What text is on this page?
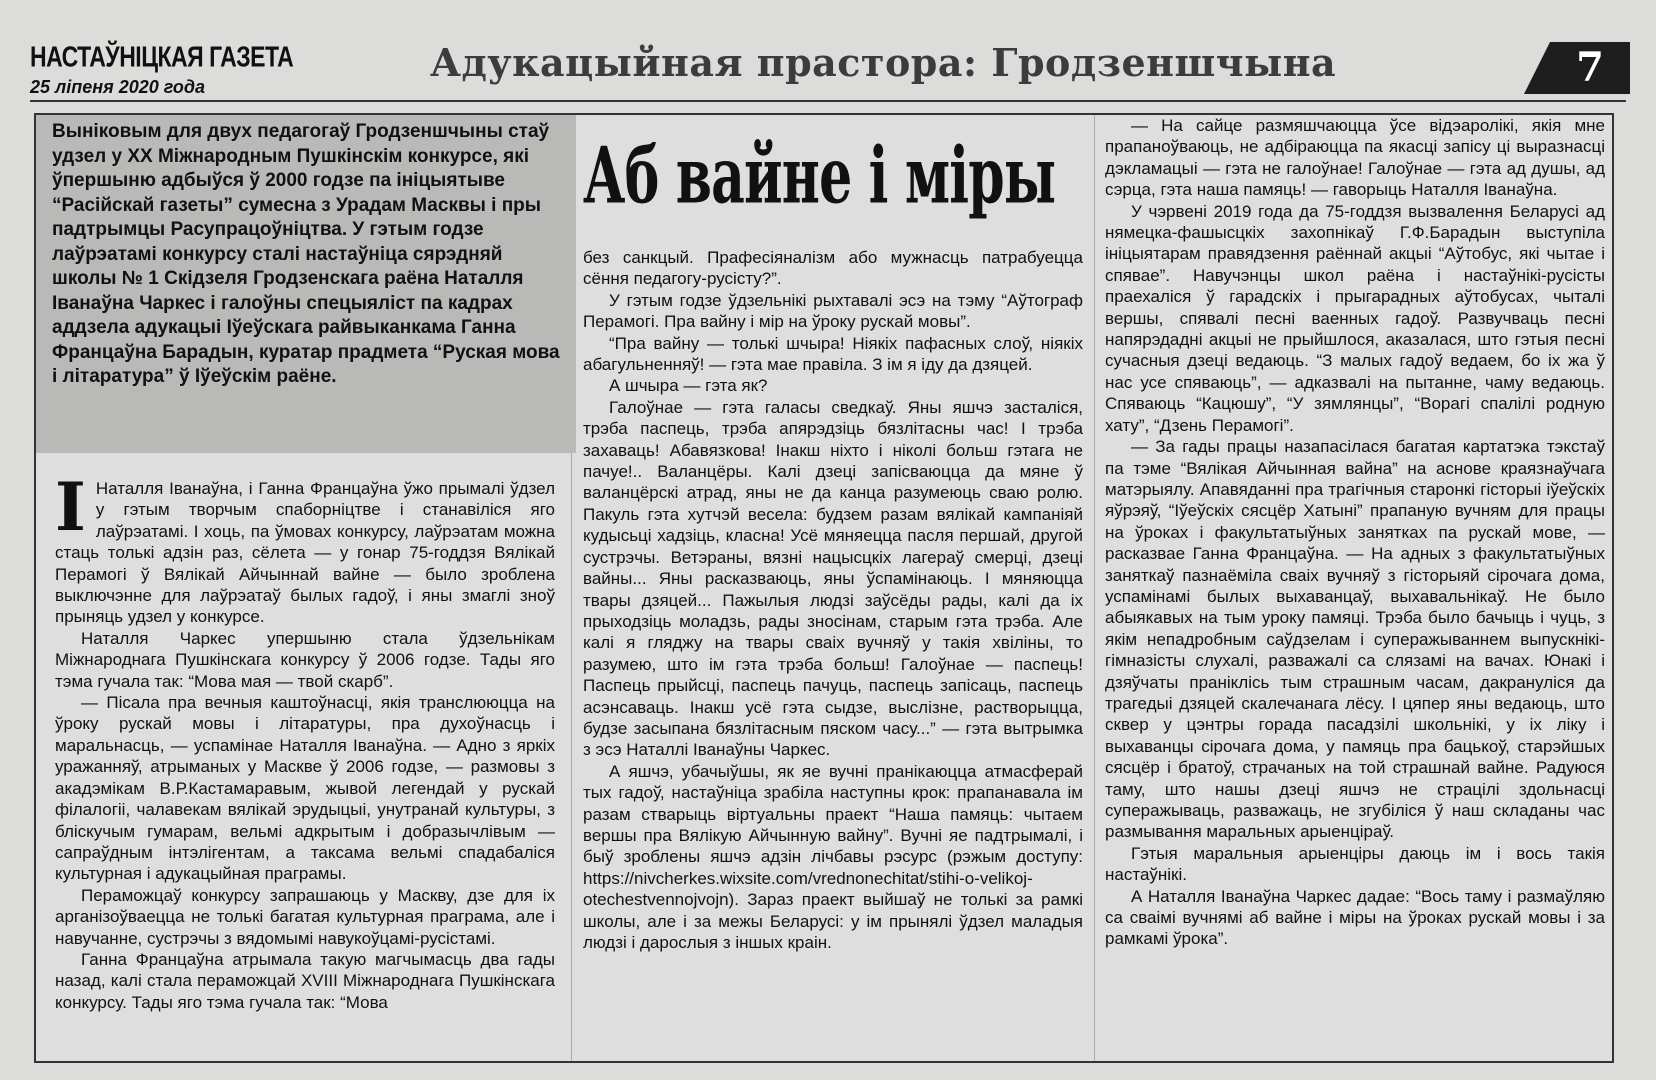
НАСТАЎНІЦКАЯ ГАЗЕТА
25 ліпеня 2020 года
Адукацыйная прастора: Гродзеншчына	7
Выніковым для двух педагогаў Гродзеншчыны стаў удзел у XX Міжнародным Пушкінскім конкурсе, які ўпершыню адбыўся ў 2000 годзе па ініцыятыве “Расійскай газеты” сумесна з Урадам Масквы і пры падтрымцы Расупрацоўніцтва. У гэтым годзе лаўрэатамі конкурсу сталі настаўніца сярэдняй школы № 1 Скідзеля Гродзенскага раёна Наталля Іванаўна Чаркес і галоўны спецыяліст па кадрах аддзела адукацыі Іўеўскага райвыканкама Ганна Францаўна Барадын, куратар прадмета “Руская мова і літаратура” ў Іўеўскім раёне.
Аб вайне і міры

І Наталля Іванаўна, і Ганна Францаўна ўжо прымалі ўдзел у гэтым творчым спаборніцтве і станавіліся яго лаўрэатамі. І хоць, па ўмовах конкурсу, лаўрэатам можна стаць толькі адзін раз, сёлета — у гонар 75-годдзя Вялікай Перамогі ў Вялікай Айчыннай вайне — было зроблена выключэнне для лаўрэатаў былых гадоў, і яны змаглі зноў прыняць удзел у конкурсе.

Наталля Чаркес упершыню стала ўдзельнікам Міжнароднага Пушкінскага конкурсу ў 2006 годзе. Тады яго тэма гучала так: “Мова мая — твой скарб”.

— Пісала пра вечныя каштоўнасці, якія транслююцца на ўроку рускай мовы і літаратуры, пра духоўнасць і маральнасць, — успамінае Наталля Іванаўна. — Адно з яркіх уражанняў, атрыманых у Маскве ў 2006 годзе, — размовы з акадэмікам В.Р.Кастамаравым, жывой легендай у рускай філалогіі, чалавекам вялікай эрудыцыі, унутранай культуры, з бліскучым гумарам, вельмі адкрытым і добразычлівым — сапраўдным інтэлігентам, а таксама вельмі спадабаліся культурная і адукацыйная праграмы.

Пераможцаў конкурсу запрашаюць у Маскву, дзе для іх арганізоўваецца не толькі багатая культурная праграма, але і навучанне, сустрэчы з вядомымі навукоўцамі-русістамі.

Ганна Францаўна атрымала такую магчымасць два гады назад, калі стала пераможцай XVIII Міжнароднага Пушкінскага конкурсу. Тады яго тэма гучала так: “Мова

без санкцый. Прафесіяналізм або мужнасць патрабуецца сёння педагогу-русісту?”.

У гэтым годзе ўдзельнікі рыхтавалі эсэ на тэму “Аўтограф Перамогі. Пра вайну і мір на ўроку рускай мовы”.

“Пра вайну — толькі шчыра! Ніякіх пафасных слоў, ніякіх абагульненняў! — гэта мае правіла. З ім я іду да дзяцей.

А шчыра — гэта як?

Галоўнае — гэта галасы сведкаў. Яны яшчэ засталіся, трэба паспець, трэба апярэдзіць бязлітасны час! І трэба захаваць! Абавязкова! Інакш ніхто і ніколі больш гэтага не пачуе!.. Валанцёры. Калі дзеці запісваюцца да мяне ў валанцёрскі атрад, яны не да канца разумеюць сваю ролю. Пакуль гэта хутчэй весела: будзем разам вялікай кампаніяй кудысьці хадзіць, класна! Усё мяняецца пасля першай, другой сустрэчы. Ветэраны, вязні нацысцкіх лагераў смерці, дзеці вайны... Яны расказваюць, яны ўспамінаюць. І мяняюцца твары дзяцей... Пажылыя людзі заўсёды рады, калі да іх прыходзіць моладзь, рады зносінам, старым гэта трэба. Але калі я гляджу на твары сваіх вучняў у такія хвіліны, то разумею, што ім гэта трэба больш! Галоўнае — паспець! Паспець прыйсці, паспець пачуць, паспець запісаць, паспець асэнсаваць. Інакш усё гэта сыдзе, выслізне, растворыцца, будзе засыпана бязлітасным пяском часу...” — гэта вытрымка з эсэ Наталлі Іванаўны Чаркес.

А яшчэ, убачыўшы, як яе вучні пранікаюцца атмасферай тых гадоў, настаўніца зрабіла наступны крок: прапанавала ім разам стварыць віртуальны праект “Наша памяць: чытаем вершы пра Вялікую Айчынную вайну”. Вучні яе падтрымалі, і быў зроблены яшчэ адзін лічбавы рэсурс (рэжым доступу: https://nivcherkes.wixsite.com/vrednonechitat/stihi-o-velikoj-otechestvennojvojn). Зараз праект выйшаў не толькі за рамкі школы, але і за межы Беларусі: у ім прынялі ўдзел маладыя людзі і дарослыя з іншых краін.

— На сайце размяшчаюцца ўсе відэаролікі, якія мне прапаноўваюць, не адбіраюцца па якасці запісу ці выразнасці дэкламацыі — гэта не галоўнае! Галоўнае — гэта ад душы, ад сэрца, гэта наша памяць! — гаворыць Наталля Іванаўна.

У чэрвені 2019 года да 75-годдзя вызвалення Беларусі ад нямецка-фашысцкіх захопнікаў Г.Ф.Барадын выступіла ініцыятарам правядзення раённай акцыі “Аўтобус, які чытае і спявае”. Навучэнцы школ раёна і настаўнікі-русісты праехаліся ў гарадскіх і прыгарадных аўтобусах, чыталі вершы, спявалі песні ваенных гадоў. Развучваць песні напярэдадні акцыі не прыйшлося, аказалася, што гэтыя песні сучасныя дзеці ведаюць. “З малых гадоў ведаем, бо іх жа ў нас усе спяваюць”, — адказвалі на пытанне, чаму ведаюць. Спяваюць “Кацюшу”, “У зямлянцы”, “Ворагі спалілі родную хату”, “Дзень Перамогі”.

— За гады працы назапасілася багатая картатэка тэкстаў па тэме “Вялікая Айчынная вайна” на аснове краязнаўчага матэрыялу. Апавяданні пра трагічныя старонкі гісторыі іўеўскіх яўрэяў, “Іўеўскіх сясцёр Хатыні” прапаную вучням для працы на ўроках і факультатыўных занятках па рускай мове, — расказвае Ганна Францаўна. — На адных з факультатыўных заняткаў пазнаёміла сваіх вучняў з гісторыяй сірочага дома, успамінамі былых выхаванцаў, выхавальнікаў. Не было абыякавых на тым уроку памяці. Трэба было бачыць і чуць, з якім непадробным саўдзелам і суперажываннем выпускнікі-гімназісты слухалі, разважалі са слязамі на вачах. Юнакі і дзяўчаты праніклісь тым страшным часам, дакрануліся да трагедыі дзяцей скалечанага лёсу. І цяпер яны ведаюць, што сквер у цэнтры горада пасадзілі школьнікі, у іх ліку і выхаванцы сірочага дома, у памяць пра бацькоў, старэйшых сясцёр і братоў, страчаных на той страшнай вайне. Радуюся таму, што нашы дзеці яшчэ не страцілі здольнасці суперажываць, разважаць, не згубіліся ў наш складаны час размывання маральных арыенціраў.

Гэтыя маральныя арыенціры даюць ім і вось такія настаўнікі.

А Наталля Іванаўна Чаркес дадае: “Вось таму і размаўляю са сваімі вучнямі аб вайне і міры на ўроках рускай мовы і за рамкамі ўрока”.
